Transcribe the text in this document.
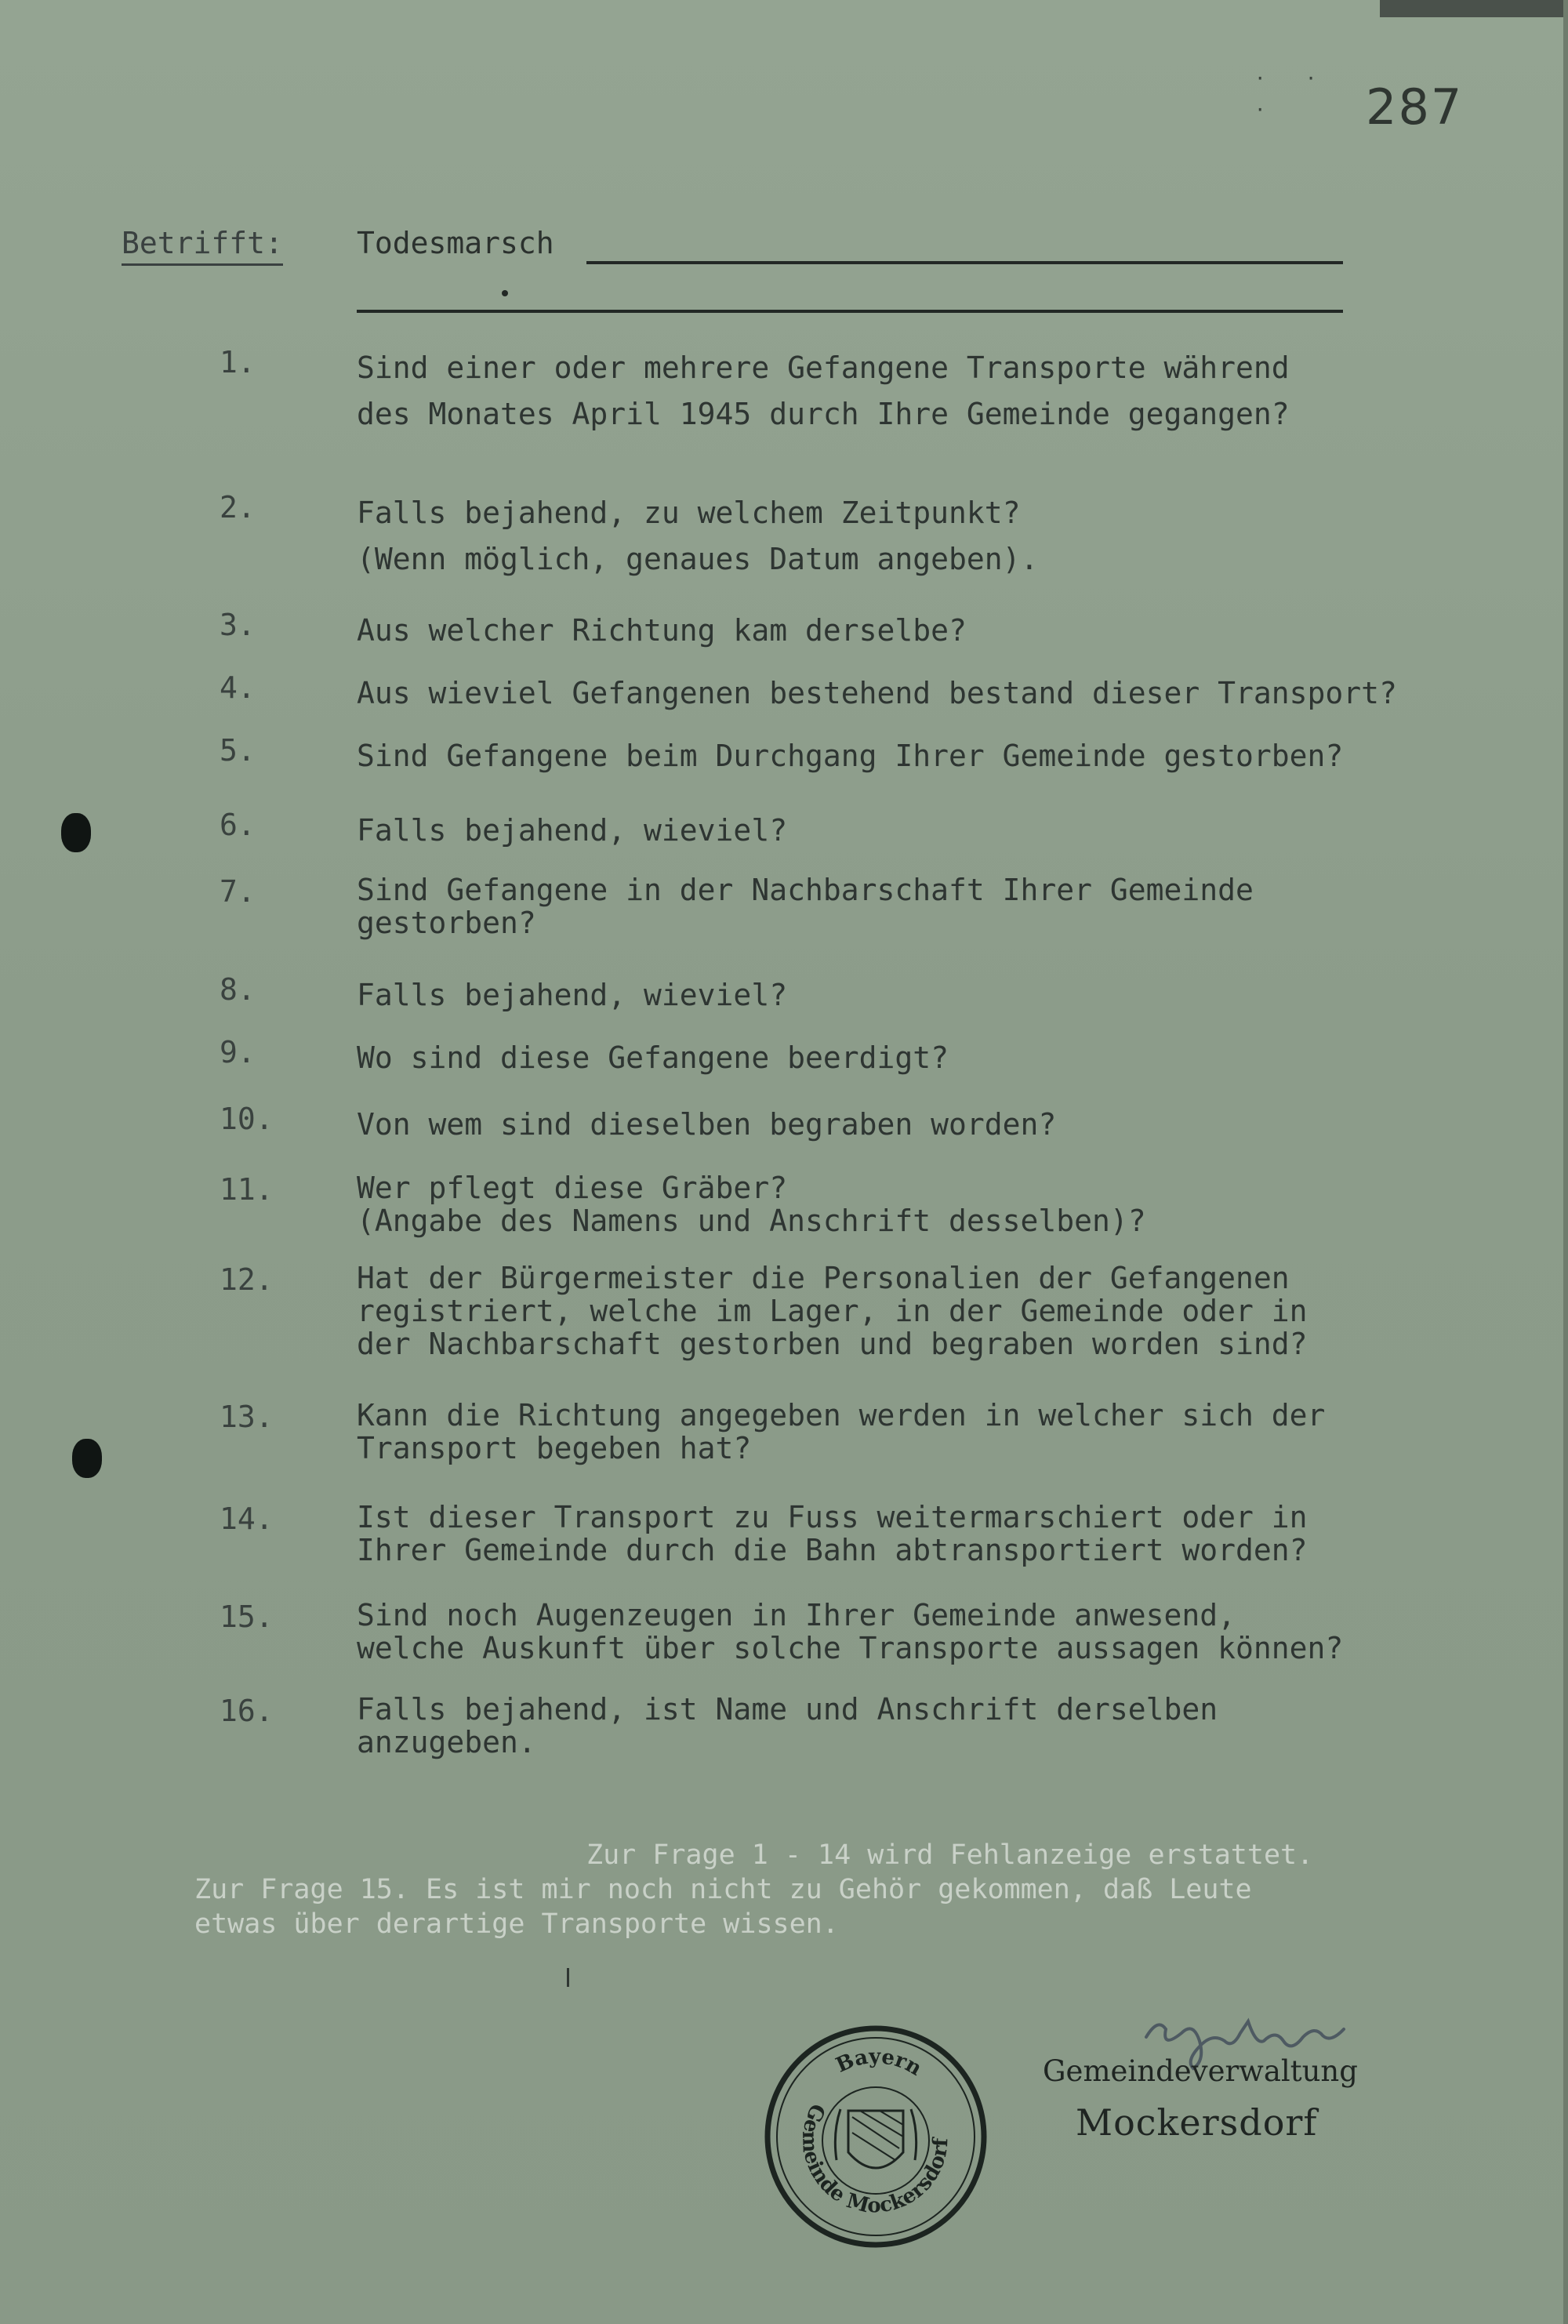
· · ·	287
Betrifft: Todesmarsch
1.	Sind einer oder mehrere Gefangene Transporte während
des Monates April 1945 durch Ihre Gemeinde gegangen?
2.	Falls bejahend, zu welchem Zeitpunkt?
(Wenn möglich, genaues Datum angeben).
3.	Aus welcher Richtung kam derselbe?
4.	Aus wieviel Gefangenen bestehend bestand dieser Transport?
5.	Sind Gefangene beim Durchgang Ihrer Gemeinde gestorben?
6.	Falls bejahend, wieviel?
7.	Sind Gefangene in der Nachbarschaft Ihrer Gemeinde
gestorben?
8.	Falls bejahend, wieviel?
9.	Wo sind diese Gefangene beerdigt?
10.	Von wem sind dieselben begraben worden?
11.	Wer pflegt diese Gräber?
(Angabe des Namens und Anschrift desselben)?
12.	Hat der Bürgermeister die Personalien der Gefangenen
registriert, welche im Lager, in der Gemeinde oder in
der Nachbarschaft gestorben und begraben worden sind?
13.	Kann die Richtung angegeben werden in welcher sich der
Transport begeben hat?
14.	Ist dieser Transport zu Fuss weitermarschiert oder in
Ihrer Gemeinde durch die Bahn abtransportiert worden?
15.	Sind noch Augenzeugen in Ihrer Gemeinde anwesend,
welche Auskunft über solche Transporte aussagen können?
16.	Falls bejahend, ist Name und Anschrift derselben
anzugeben.
Zur Frage 1 - 14 wird Fehlanzeige erstattet.
Zur Frage 15. Es ist mir noch nicht zu Gehör gekommen, daß Leute
etwas über derartige Transporte wissen.
Bayern
Gemeinde Mockersdorf
Gemeindeverwaltung
Mockersdorf
